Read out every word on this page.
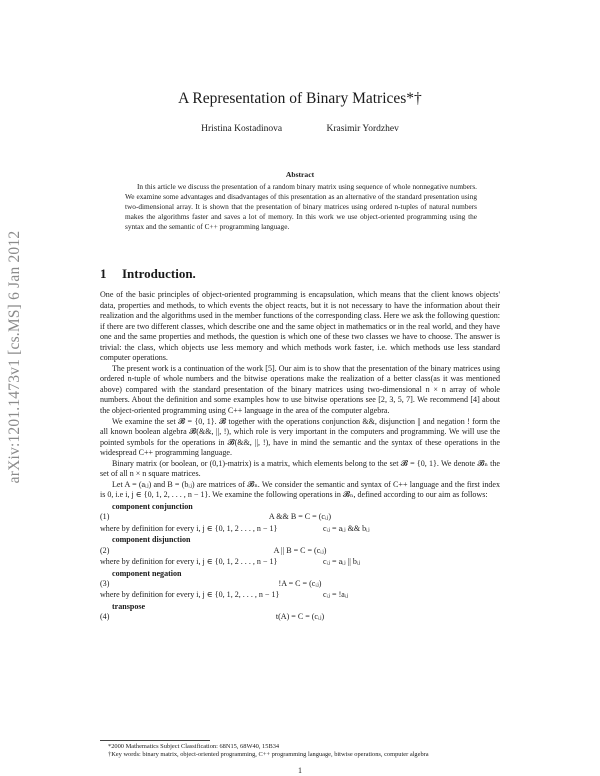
arXiv:1201.1473v1 [cs.MS] 6 Jan 2012
A Representation of Binary Matrices*†
Hristina Kostadinova	Krasimir Yordzhev
Abstract
In this article we discuss the presentation of a random binary matrix using sequence of whole nonnegative numbers. We examine some advantages and disadvantages of this presentation as an alternative of the standard presentation using two-dimensional array. It is shown that the presentation of binary matrices using ordered n-tuples of natural numbers makes the algorithms faster and saves a lot of memory. In this work we use object-oriented programming using the syntax and the semantic of C++ programming language.
1 Introduction.

One of the basic principles of object-oriented programming is encapsulation, which means that the client knows objects' data, properties and methods, to which events the object reacts, but it is not necessary to have the information about their realization and the algorithms used in the member functions of the corresponding class. Here we ask the following question: if there are two different classes, which describe one and the same object in mathematics or in the real world, and they have one and the same properties and methods, the question is which one of these two classes we have to choose. The answer is trivial: the class, which objects use less memory and which methods work faster, i.e. which methods use less standard computer operations.

The present work is a continuation of the work [5]. Our aim is to show that the presentation of the binary matrices using ordered n-tuple of whole numbers and the bitwise operations make the realization of a better class(as it was mentioned above) compared with the standard presentation of the binary matrices using two-dimensional n × n array of whole numbers. About the definition and some examples how to use bitwise operations see [2, 3, 5, 7]. We recommend [4] about the object-oriented programming using C++ language in the area of the computer algebra.

We examine the set 𝓑 = {0, 1}. 𝓑 together with the operations conjunction &&, disjunction || and negation ! form the all known boolean algebra 𝓑(&&, ||, !), which role is very important in the computers and programming. We will use the pointed symbols for the operations in 𝓑(&&, ||, !), have in mind the semantic and the syntax of these operations in the widespread C++ programming language.

Binary matrix (or boolean, or (0,1)-matrix) is a matrix, which elements belong to the set 𝓑 = {0, 1}. We denote 𝓑ₙ the set of all n × n square matrices.

Let A = (aᵢⱼ) and B = (bᵢⱼ) are matrices of 𝓑ₙ. We consider the semantic and syntax of C++ language and the first index is 0, i.e i, j ∈ {0, 1, 2, . . . , n − 1}. We examine the following operations in 𝓑ₙ, defined according to our aim as follows:

component conjunction
(1)	A && B = C = (cᵢⱼ)
where by definition for every i, j ∈ {0, 1, 2 . . . , n − 1}	cᵢⱼ = aᵢⱼ && bᵢⱼ
component disjunction
(2)	A || B = C = (cᵢⱼ)
where by definition for every i, j ∈ {0, 1, 2 . . . , n − 1}	cᵢⱼ = aᵢⱼ || bᵢⱼ
component negation
(3)	!A = C = (cᵢⱼ)
where by definition for every i, j ∈ {0, 1, 2, . . . , n − 1}	cᵢⱼ = !aᵢⱼ
transpose
(4)	t(A) = C = (cᵢⱼ)

*2000 Mathematics Subject Classification: 68N15, 68W40, 15B34

†Key words: binary matrix, object-oriented programming, C++ programming language, bitwise operations, computer algebra

1
